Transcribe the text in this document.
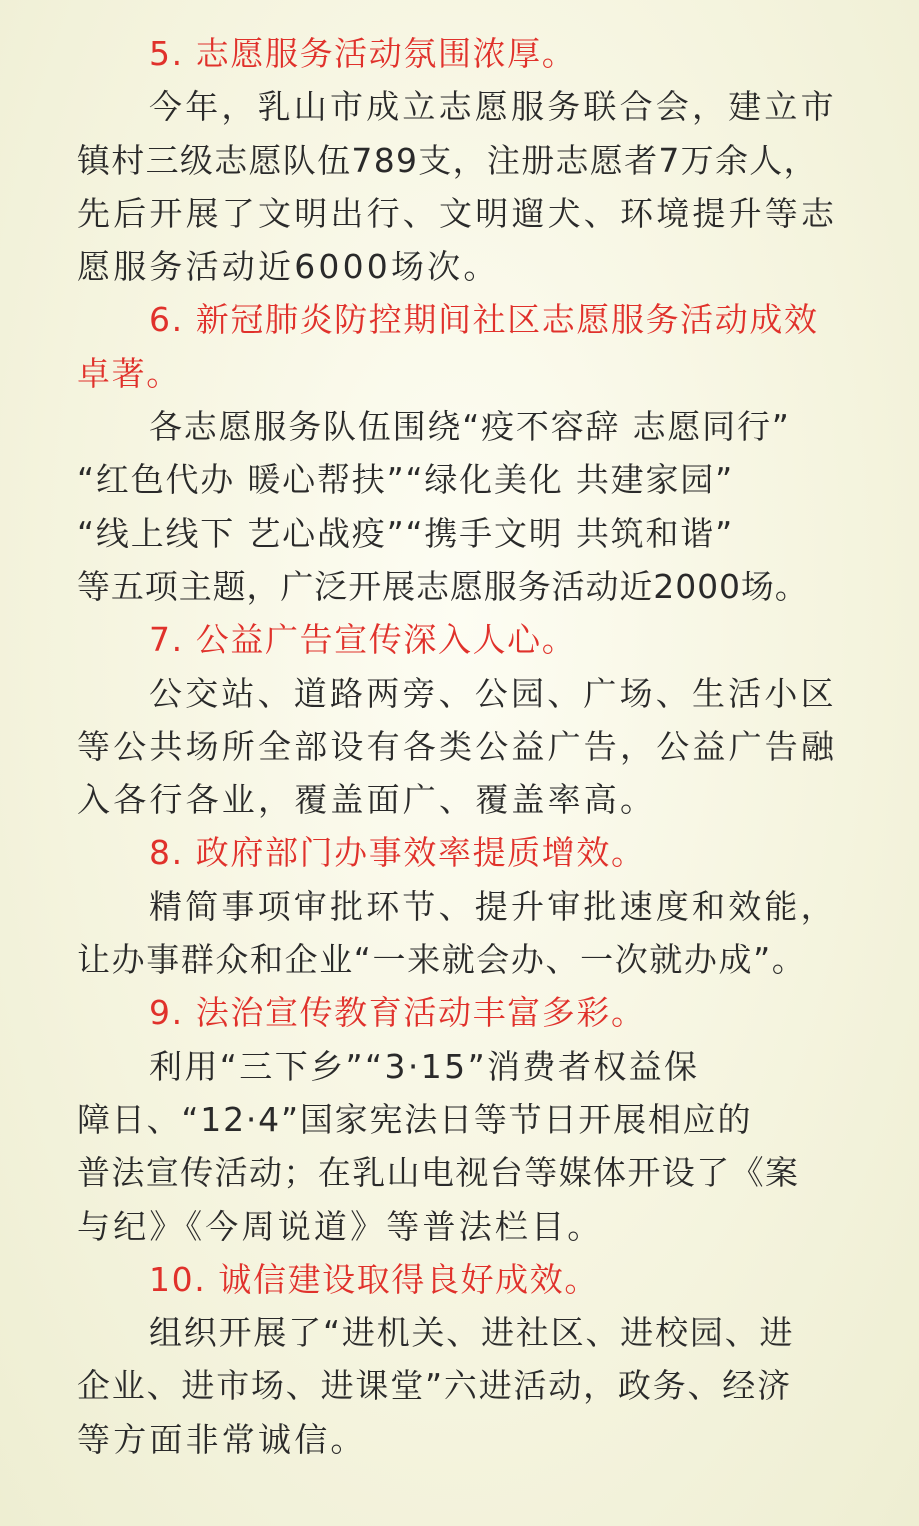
5. 志愿服务活动氛围浓厚。
今年，乳山市成立志愿服务联合会，建立市
镇村三级志愿队伍789支，注册志愿者7万余人，
先后开展了文明出行、文明遛犬、环境提升等志
愿服务活动近6000场次。
6. 新冠肺炎防控期间社区志愿服务活动成效
卓著。
各志愿服务队伍围绕“疫不容辞 志愿同行”
“红色代办 暖心帮扶”“绿化美化 共建家园”
“线上线下 艺心战疫”“携手文明 共筑和谐”
等五项主题，广泛开展志愿服务活动近2000场。
7. 公益广告宣传深入人心。
公交站、道路两旁、公园、广场、生活小区
等公共场所全部设有各类公益广告，公益广告融
入各行各业，覆盖面广、覆盖率高。
8. 政府部门办事效率提质增效。
精简事项审批环节、提升审批速度和效能，
让办事群众和企业“一来就会办、一次就办成”。
9. 法治宣传教育活动丰富多彩。
利用“三下乡”“3·15”消费者权益保
障日、“12·4”国家宪法日等节日开展相应的
普法宣传活动；在乳山电视台等媒体开设了《案
与纪》《今周说道》等普法栏目。
10. 诚信建设取得良好成效。
组织开展了“进机关、进社区、进校园、进
企业、进市场、进课堂”六进活动，政务、经济
等方面非常诚信。
